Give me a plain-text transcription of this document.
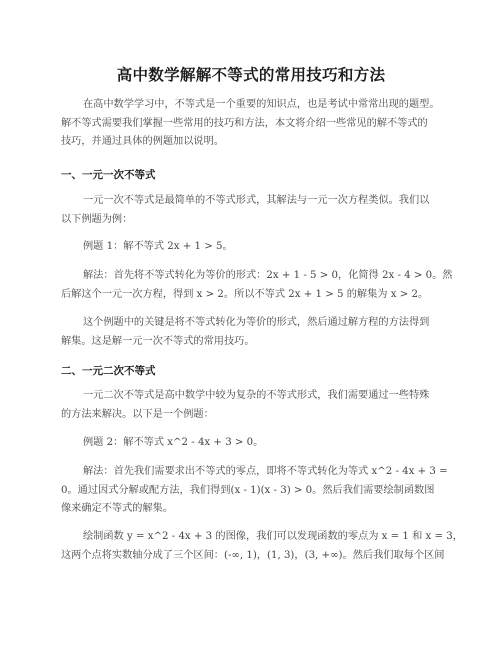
高中数学解解不等式的常用技巧和方法
在高中数学学习中，不等式是一个重要的知识点，也是考试中常常出现的题型。
解不等式需要我们掌握一些常用的技巧和方法，本文将介绍一些常见的解不等式的
技巧，并通过具体的例题加以说明。
一、一元一次不等式
一元一次不等式是最简单的不等式形式，其解法与一元一次方程类似。我们以
以下例题为例：
例题 1：解不等式 2x + 1 > 5。
解法：首先将不等式转化为等价的形式：2x + 1 - 5 > 0，化简得 2x - 4 > 0。然
后解这个一元一次方程，得到 x > 2。所以不等式 2x + 1 > 5 的解集为 x > 2。
这个例题中的关键是将不等式转化为等价的形式，然后通过解方程的方法得到
解集。这是解一元一次不等式的常用技巧。
二、一元二次不等式
一元二次不等式是高中数学中较为复杂的不等式形式，我们需要通过一些特殊
的方法来解决。以下是一个例题：
例题 2：解不等式 x^2 - 4x + 3 > 0。
解法：首先我们需要求出不等式的零点，即将不等式转化为等式 x^2 - 4x + 3 =
0。通过因式分解或配方法，我们得到(x - 1)(x - 3) > 0。然后我们需要绘制函数图
像来确定不等式的解集。
绘制函数 y = x^2 - 4x + 3 的图像，我们可以发现函数的零点为 x = 1 和 x = 3，
这两个点将实数轴分成了三个区间：(-∞, 1)，(1, 3)，(3, +∞)。然后我们取每个区间
